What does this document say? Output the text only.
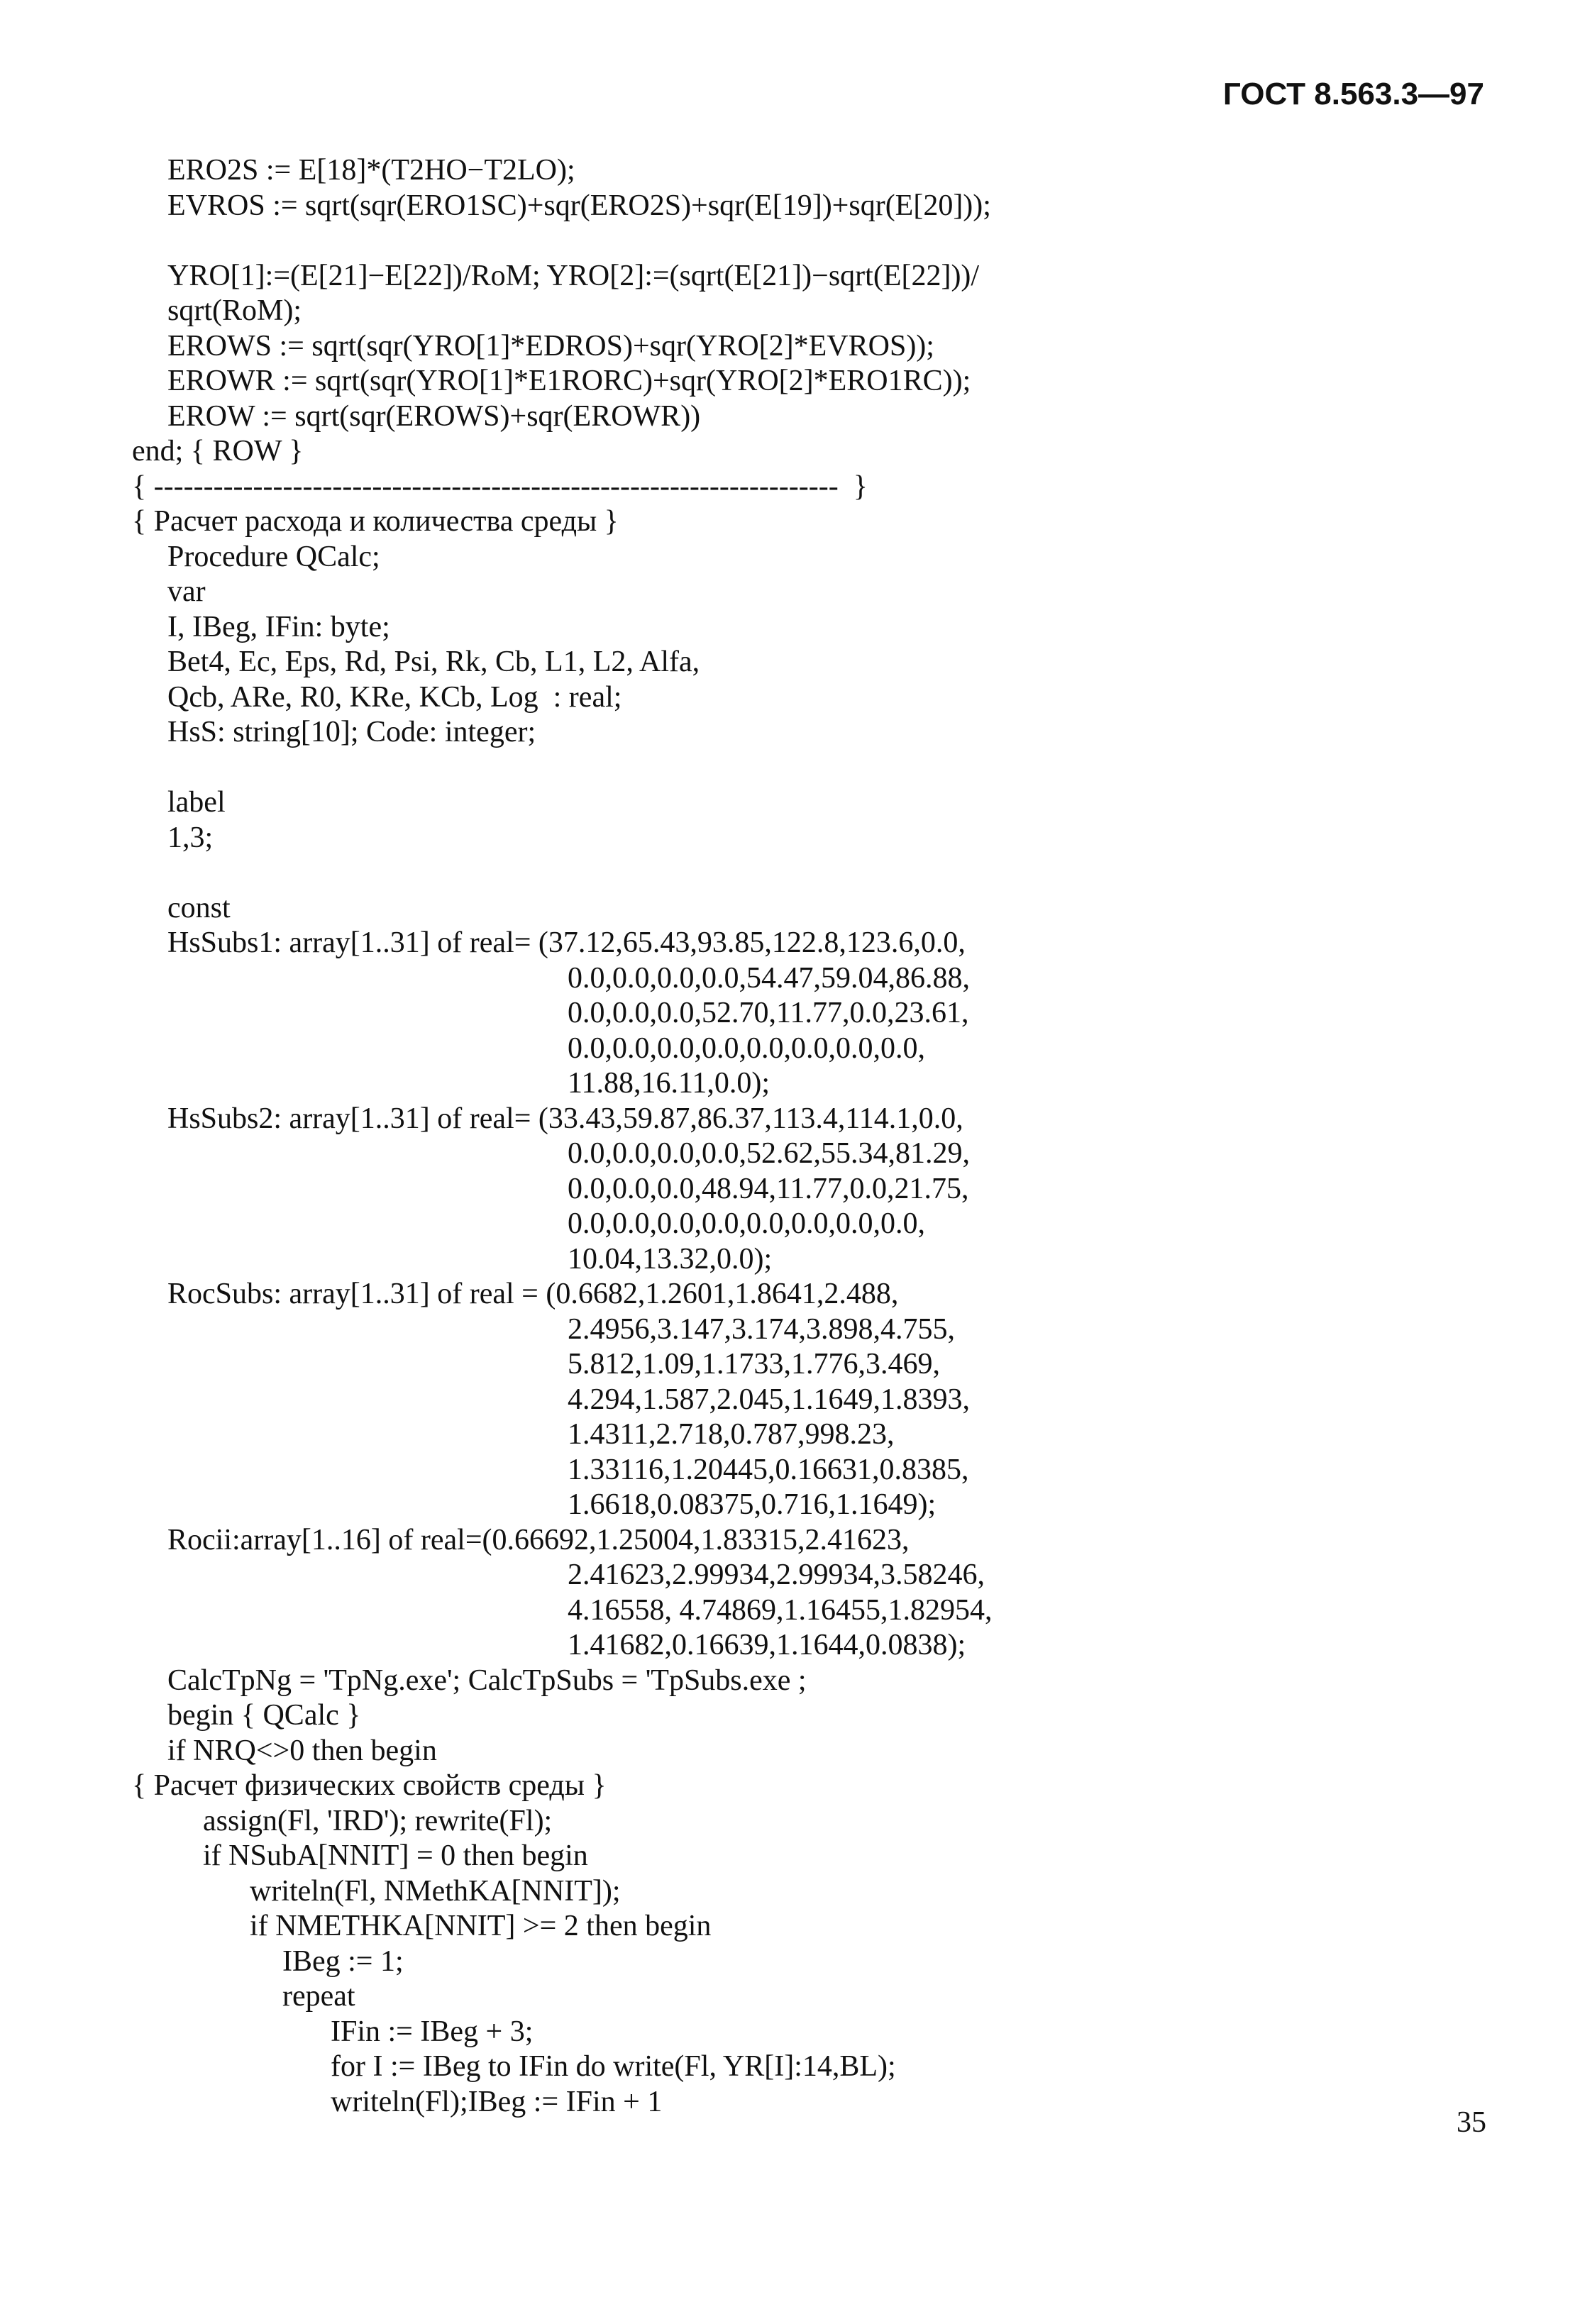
ГОСТ 8.563.3—97
ERO2S := E[18]*(T2HO−T2LO);
EVROS := sqrt(sqr(ERO1SC)+sqr(ERO2S)+sqr(E[19])+sqr(E[20]));
YRO[1]:=(E[21]−E[22])/RoM; YRO[2]:=(sqrt(E[21])−sqrt(E[22]))/
sqrt(RoM);
EROWS := sqrt(sqr(YRO[1]*EDROS)+sqr(YRO[2]*EVROS));
EROWR := sqrt(sqr(YRO[1]*E1RORC)+sqr(YRO[2]*ERO1RC));
EROW := sqrt(sqr(EROWS)+sqr(EROWR))
end; { ROW }
{ ---------------------------------------------------------------------  }
{ Расчет расхода и количества среды }
Procedure QCalc;
var
I, IBeg, IFin: byte;
Bet4, Ec, Eps, Rd, Psi, Rk, Cb, L1, L2, Alfa,
Qcb, ARe, R0, KRe, KCb, Log  : real;
HsS: string[10]; Code: integer;
label
1,3;
const
HsSubs1: array[1..31] of real= (37.12,65.43,93.85,122.8,123.6,0.0,
0.0,0.0,0.0,0.0,54.47,59.04,86.88,
0.0,0.0,0.0,52.70,11.77,0.0,23.61,
0.0,0.0,0.0,0.0,0.0,0.0,0.0,0.0,
11.88,16.11,0.0);
HsSubs2: array[1..31] of real= (33.43,59.87,86.37,113.4,114.1,0.0,
0.0,0.0,0.0,0.0,52.62,55.34,81.29,
0.0,0.0,0.0,48.94,11.77,0.0,21.75,
0.0,0.0,0.0,0.0,0.0,0.0,0.0,0.0,
10.04,13.32,0.0);
RocSubs: array[1..31] of real = (0.6682,1.2601,1.8641,2.488,
2.4956,3.147,3.174,3.898,4.755,
5.812,1.09,1.1733,1.776,3.469,
4.294,1.587,2.045,1.1649,1.8393,
1.4311,2.718,0.787,998.23,
1.33116,1.20445,0.16631,0.8385,
1.6618,0.08375,0.716,1.1649);
Rocii:array[1..16] of real=(0.66692,1.25004,1.83315,2.41623,
2.41623,2.99934,2.99934,3.58246,
4.16558, 4.74869,1.16455,1.82954,
1.41682,0.16639,1.1644,0.0838);
CalcTpNg = 'TpNg.exe'; CalcTpSubs = 'TpSubs.exe ;
begin { QCalc }
if NRQ<>0 then begin
{ Расчет физических свойств среды }
assign(Fl, 'IRD'); rewrite(Fl);
if NSubA[NNIT] = 0 then begin
writeln(Fl, NMethKA[NNIT]);
if NMETHKA[NNIT] >= 2 then begin
IBeg := 1;
repeat
IFin := IBeg + 3;
for I := IBeg to IFin do write(Fl, YR[I]:14,BL);
writeln(Fl);IBeg := IFin + 1
35
